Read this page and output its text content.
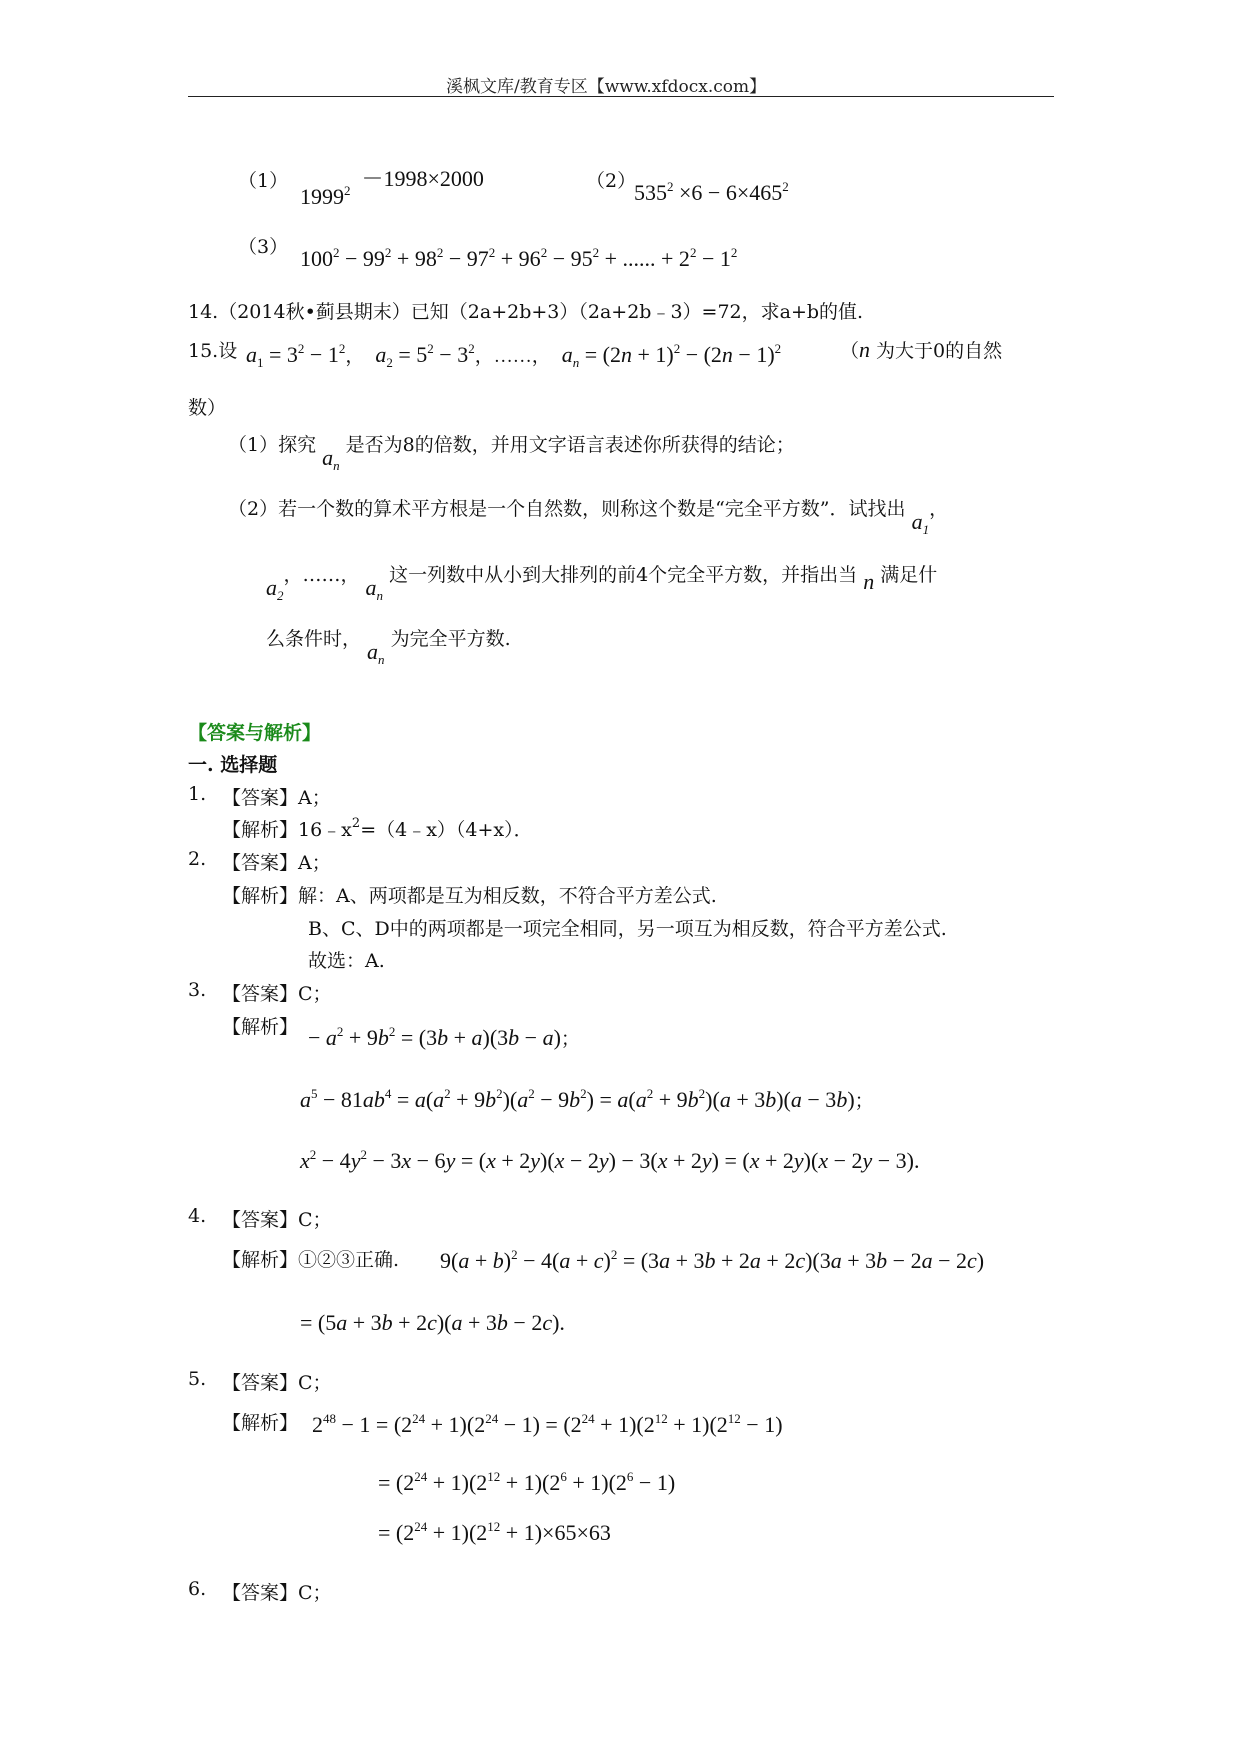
溪枫文库/教育专区【www.xfdocx.com】
（1）
$1999^2 -1998\times 2000$	（2）
$535^2 \times 6 - 6\times 465^2$
（3） $100^2 - 99^2 + 98^2 - 97^2 + 96^2 - 95^2$ + ...... + $2^2 - 1^2$
14.（2014秋•蓟县期末）已知（2a+2b+3）（2a+2b﹣3）=72，求a+b的值.
15.设 $a_1 = 3^2 - 1^2$， $a_2 = 5^2 - 3^2$，……， $a_n = (2n + 1)^2 - (2n - 1)^2$	（n 为大于0的自然
数）
（1）探究 $a_n$ 是否为8的倍数，并用文字语言表述你所获得的结论；
（2）若一个数的算术平方根是一个自然数，则称这个数是“完全平方数”．试找出 $a_1$，
$a_2$，……， $a_n$ 这一列数中从小到大排列的前4个完全平方数，并指出当 n 满足什
么条件时， $a_n$ 为完全平方数.
【答案与解析】
一. 选择题
1. 【答案】A；
【解析】$16﹣x^2=(4﹣x)(4+x)$．
2. 【答案】A；
【解析】解：A、两项都是互为相反数，不符合平方差公式.
B、C、D中的两项都是一项完全相同，另一项互为相反数，符合平方差公式.
故选：A.
3. 【答案】C；
【解析】 − $a^2 + 9b^2 = (3b + a)(3b - a)$；
$a^5 - 81ab^4 = a(a^2 + 9b^2)(a^2 - 9b^2) = a(a^2 + 9b^2)(a + 3b)(a - 3b)$；
$x^2 - 4y^2 - 3x - 6y = (x + 2y)(x - 2y) - 3(x + 2y) = (x + 2y)(x - 2y - 3)$.
4. 【答案】C；
【解析】①②③正确. $9(a + b)^2 - 4(a + c)^2 = (3a + 3b + 2a + 2c)(3a + 3b - 2a - 2c)$
= (5a + 3b + 2c)(a + 3b − 2c).
5. 【答案】C；
【解析】 $2^{48} - 1 = (2^{24} + 1)(2^{24} - 1) = (2^{24} + 1)(2^{12} + 1)(2^{12} - 1)$
= $(2^{24} + 1)(2^{12} + 1)(2^6 + 1)(2^6 - 1)$
= $(2^{24} + 1)(2^{12} + 1)\times 65\times 63$
6. 【答案】C；
